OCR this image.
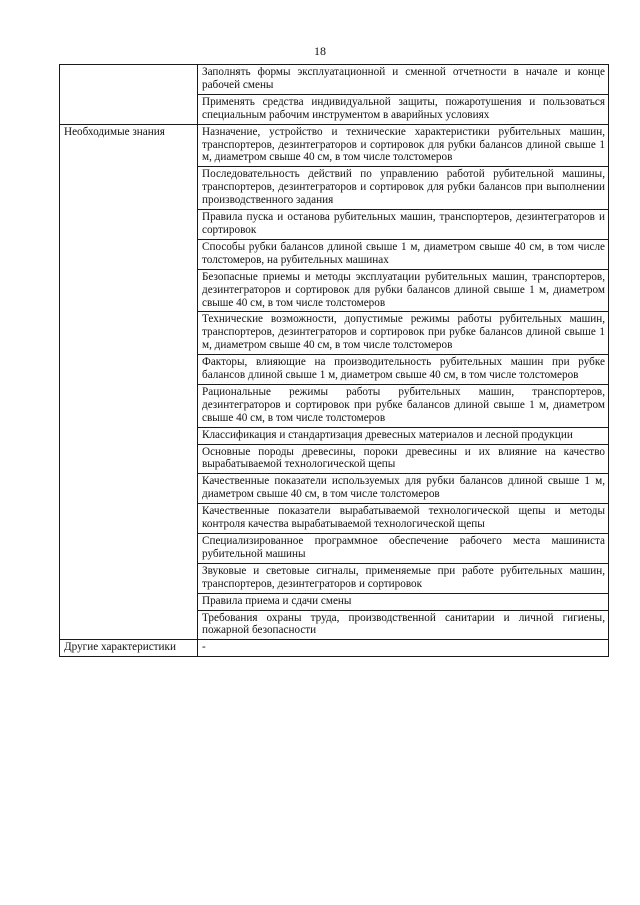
18
	Заполнять формы эксплуатационной и сменной отчетности в начале и конце рабочей смены
	Применять средства индивидуальной защиты, пожаротушения и пользоваться специальным рабочим инструментом в аварийных условиях

Необходимые знания	Назначение, устройство и технические характеристики рубительных машин, транспортеров, дезинтеграторов и сортировок для рубки балансов длиной свыше 1 м, диаметром свыше 40 см, в том числе толстомеров
	Последовательность действий по управлению работой рубительной машины, транспортеров, дезинтеграторов и сортировок для рубки балансов при выполнении производственного задания
	Правила пуска и останова рубительных машин, транспортеров, дезинтеграторов и сортировок
	Способы рубки балансов длиной свыше 1 м, диаметром свыше 40 см, в том числе толстомеров, на рубительных машинах
	Безопасные приемы и методы эксплуатации рубительных машин, транспортеров, дезинтеграторов и сортировок для рубки балансов длиной свыше 1 м, диаметром свыше 40 см, в том числе толстомеров
	Технические возможности, допустимые режимы работы рубительных машин, транспортеров, дезинтеграторов и сортировок при рубке балансов длиной свыше 1 м, диаметром свыше 40 см, в том числе толстомеров
	Факторы, влияющие на производительность рубительных машин при рубке балансов длиной свыше 1 м, диаметром свыше 40 см, в том числе толстомеров
	Рациональные режимы работы рубительных машин, транспортеров, дезинтеграторов и сортировок при рубке балансов длиной свыше 1 м, диаметром свыше 40 см, в том числе толстомеров
	Классификация и стандартизация древесных материалов и лесной продукции
	Основные породы древесины, пороки древесины и их влияние на качество вырабатываемой технологической щепы
	Качественные показатели используемых для рубки балансов длиной свыше 1 м, диаметром свыше 40 см, в том числе толстомеров
	Качественные показатели вырабатываемой технологической щепы и методы контроля качества вырабатываемой технологической щепы
	Специализированное программное обеспечение рабочего места машиниста рубительной машины
	Звуковые и световые сигналы, применяемые при работе рубительных машин, транспортеров, дезинтеграторов и сортировок
	Правила приема и сдачи смены
	Требования охраны труда, производственной санитарии и личной гигиены, пожарной безопасности

Другие характеристики	-
